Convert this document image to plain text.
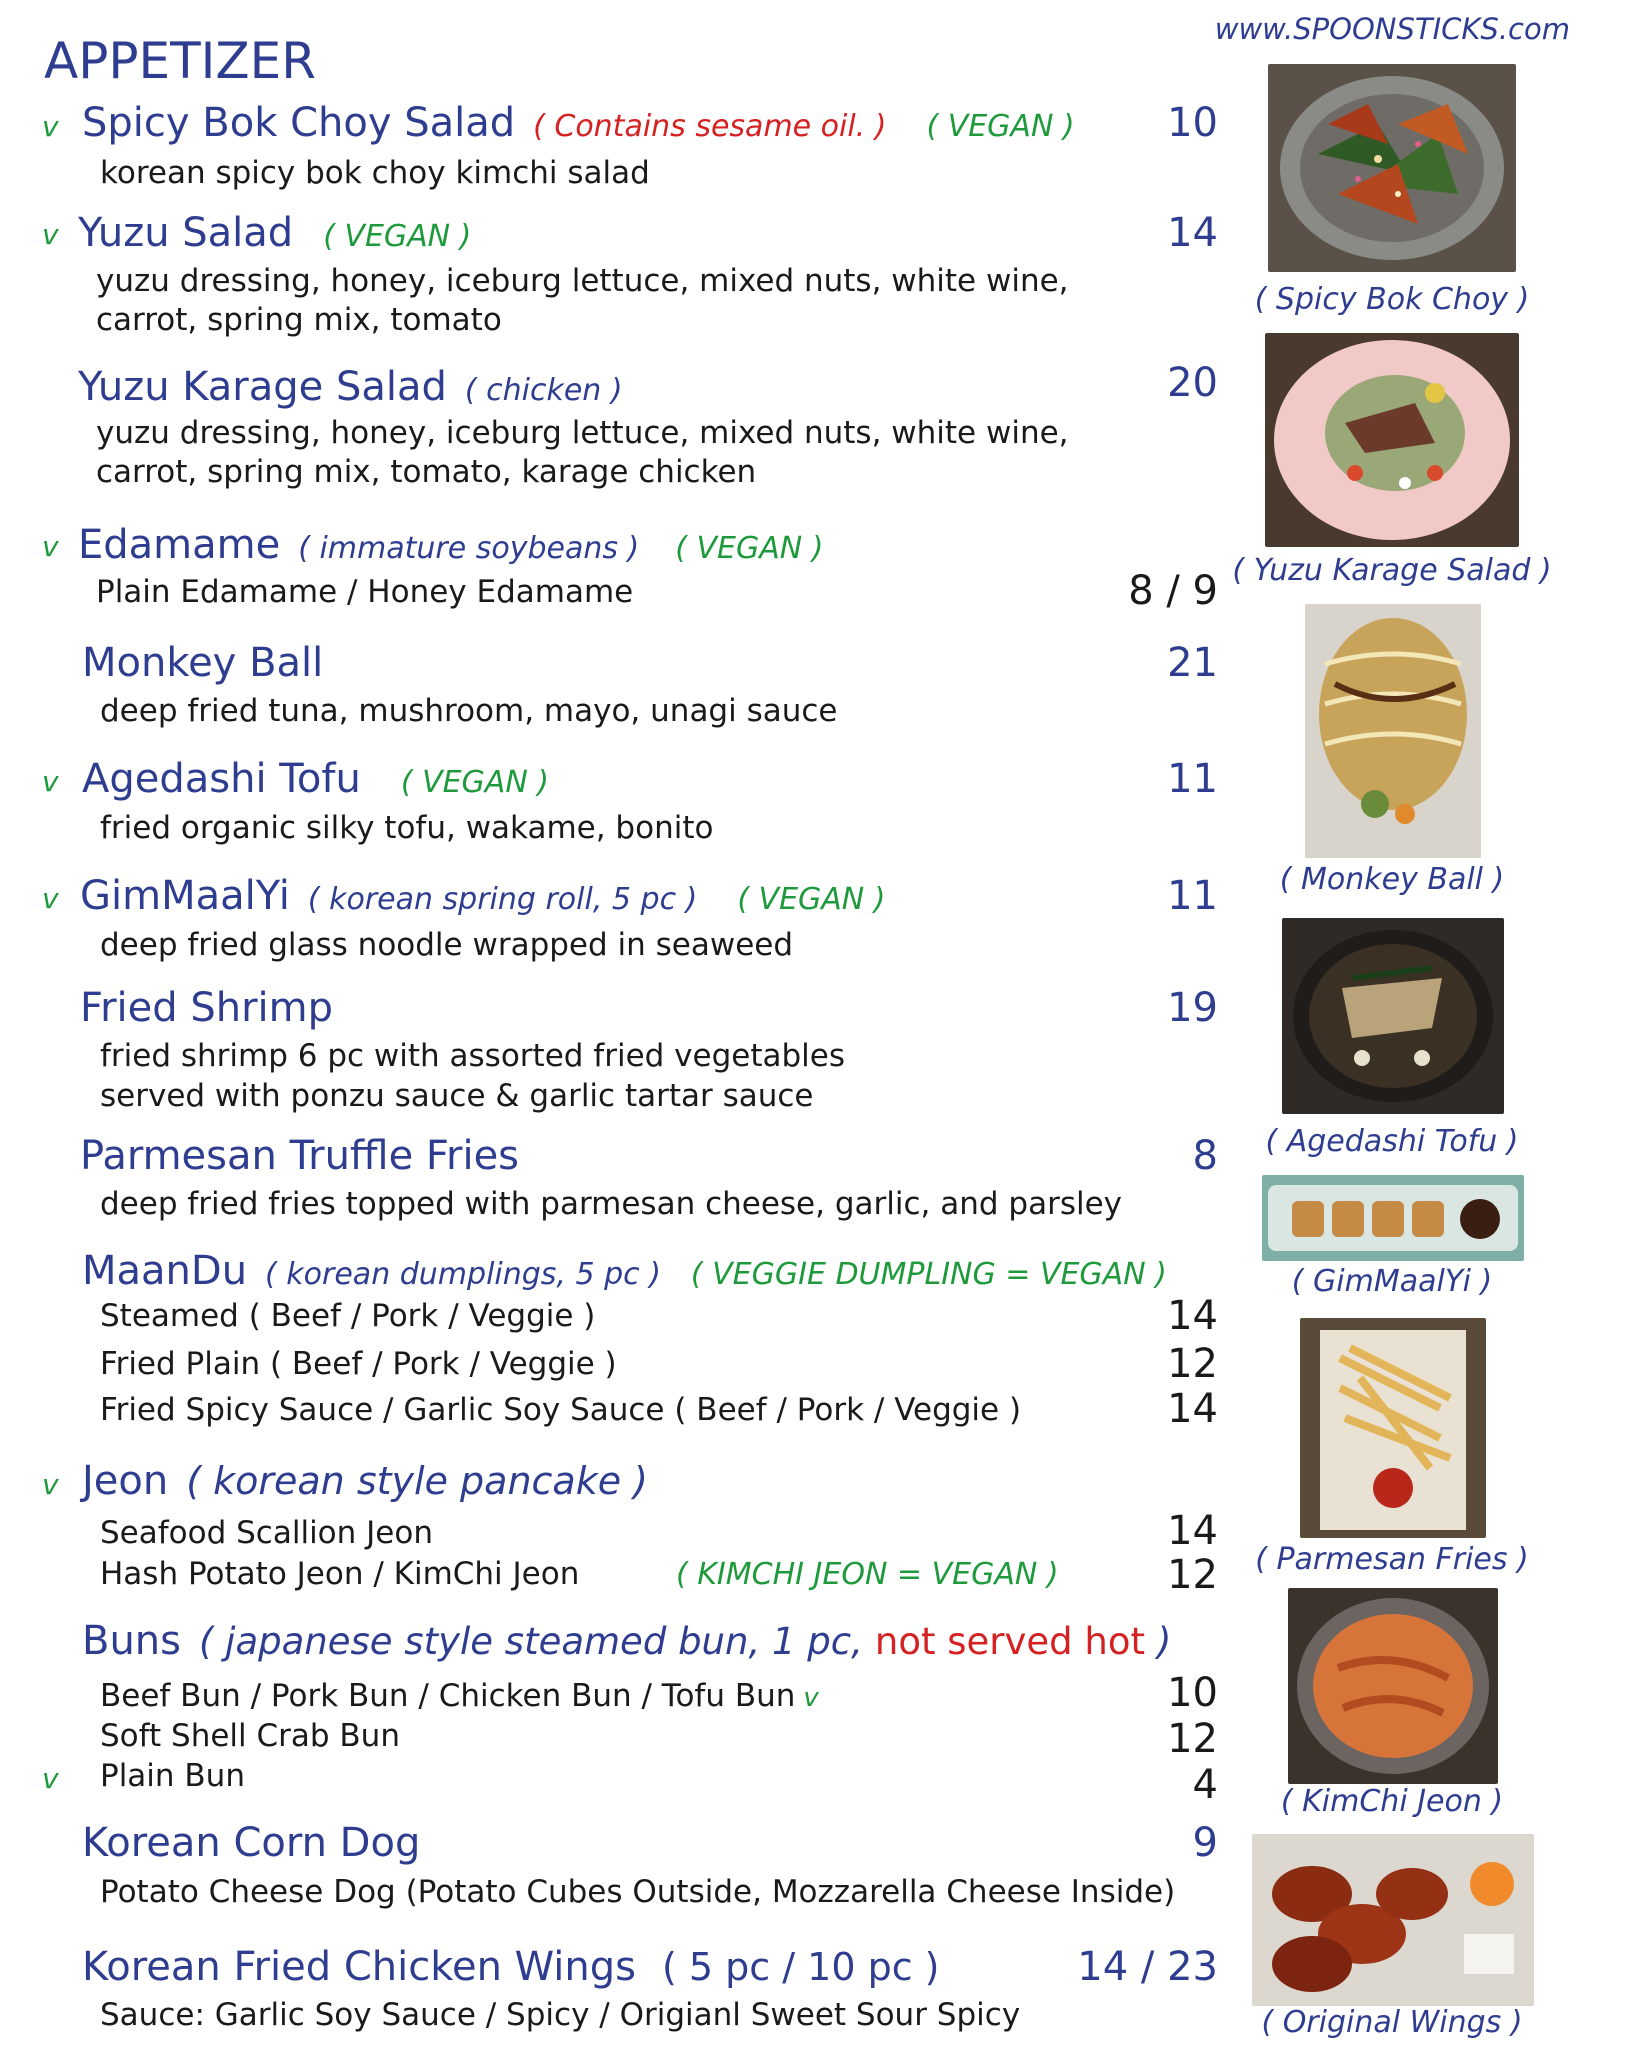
www.SPOONSTICKS.com
APPETIZER
v Spicy Bok Choy Salad ( Contains sesame oil. ) ( VEGAN ) 10
korean spicy bok choy kimchi salad
v Yuzu Salad ( VEGAN )	14
yuzu dressing, honey, iceburg lettuce, mixed nuts, white wine,
carrot, spring mix, tomato
Yuzu Karage Salad ( chicken )	20
yuzu dressing, honey, iceburg lettuce, mixed nuts, white wine,
carrot, spring mix, tomato, karage chicken
v Edamame ( immature soybeans ) ( VEGAN )
Plain Edamame / Honey Edamame	8 / 9
Monkey Ball	21
deep fried tuna, mushroom, mayo, unagi sauce
v Agedashi Tofu ( VEGAN )	11
fried organic silky tofu, wakame, bonito
v GimMaalYi ( korean spring roll, 5 pc ) ( VEGAN )	11
deep fried glass noodle wrapped in seaweed
Fried Shrimp	19
fried shrimp 6 pc with assorted fried vegetables
served with ponzu sauce & garlic tartar sauce
Parmesan Truffle Fries	8
deep fried fries topped with parmesan cheese, garlic, and parsley
MaanDu ( korean dumplings, 5 pc ) ( VEGGIE DUMPLING = VEGAN )
Steamed ( Beef / Pork / Veggie )	14
Fried Plain ( Beef / Pork / Veggie )	12
Fried Spicy Sauce / Garlic Soy Sauce ( Beef / Pork / Veggie )	14
v Jeon ( korean style pancake )
Seafood Scallion Jeon	14
Hash Potato Jeon / KimChi Jeon	( KIMCHI JEON = VEGAN )	12
Buns ( japanese style steamed bun, 1 pc, not served hot )
Beef Bun / Pork Bun / Chicken Bun / Tofu Bun v	10
Soft Shell Crab Bun	12
v Plain Bun	4
Korean Corn Dog	9
Potato Cheese Dog (Potato Cubes Outside, Mozzarella Cheese Inside)
Korean Fried Chicken Wings ( 5 pc / 10 pc )	14 / 23
Sauce: Garlic Soy Sauce / Spicy / Origianl Sweet Sour Spicy
( Spicy Bok Choy )
( Yuzu Karage Salad )
( Monkey Ball )
( Agedashi Tofu )
( GimMaalYi )
( Parmesan Fries )
( KimChi Jeon )
( Original Wings )
